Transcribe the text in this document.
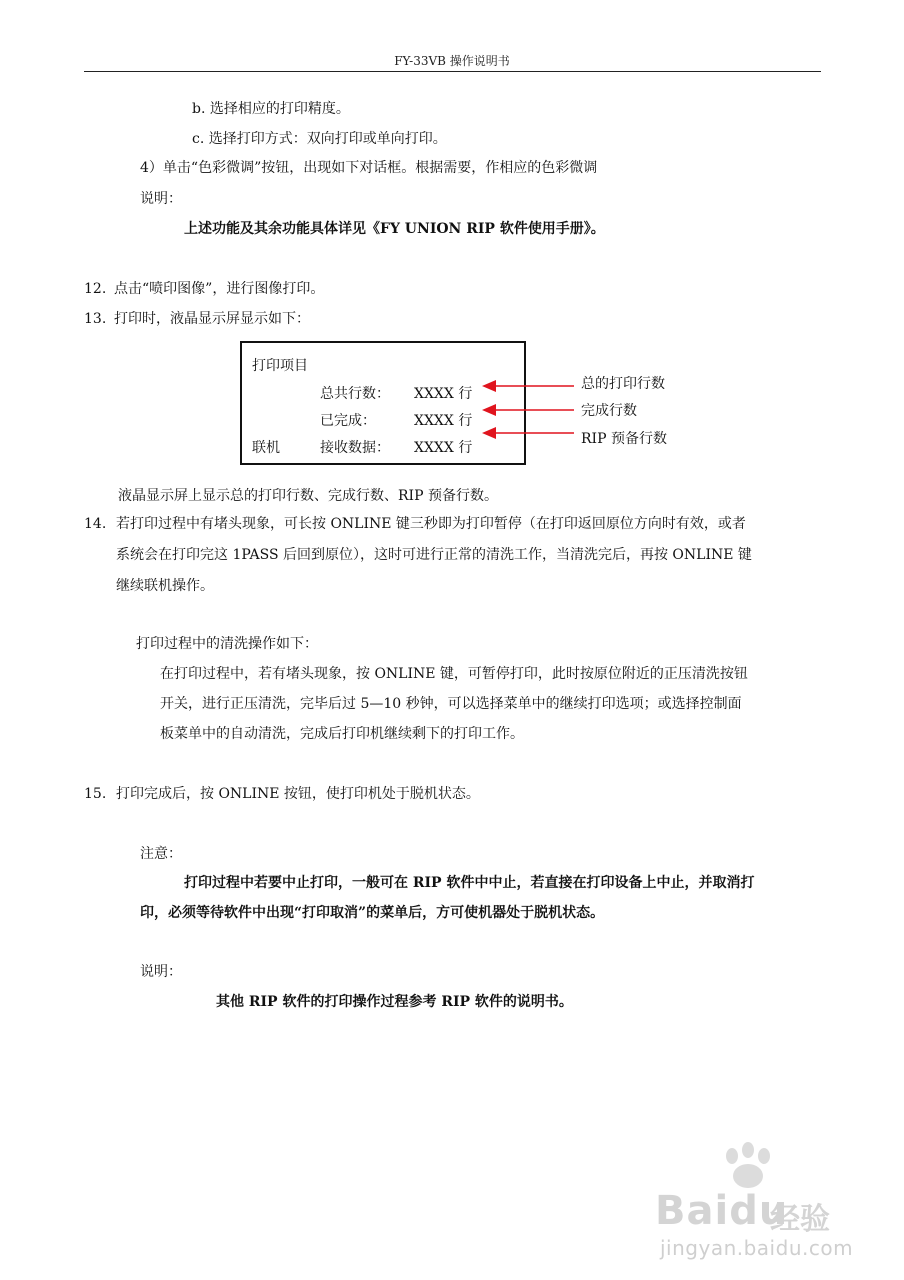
FY-33VB 操作说明书
b. 选择相应的打印精度。
c. 选择打印方式：双向打印或单向打印。
4）单击“色彩微调”按钮，出现如下对话框。根据需要，作相应的色彩微调
说明：
上述功能及其余功能具体详见《FY UNION RIP 软件使用手册》。
12. 点击“喷印图像”，进行图像打印。
13. 打印时，液晶显示屏显示如下：
打印项目
总共行数： XXXX 行
已完成：	XXXX 行
联机	接收数据： XXXX 行
总的打印行数
完成行数
RIP 预备行数
液晶显示屏上显示总的打印行数、完成行数、RIP 预备行数。
14. 若打印过程中有堵头现象，可长按 ONLINE 键三秒即为打印暂停（在打印返回原位方向时有效，或者
系统会在打印完这 1PASS 后回到原位），这时可进行正常的清洗工作，当清洗完后，再按 ONLINE 键
继续联机操作。
打印过程中的清洗操作如下：
在打印过程中，若有堵头现象，按 ONLINE 键，可暂停打印，此时按原位附近的正压清洗按钮
开关，进行正压清洗，完毕后过 5—10 秒钟，可以选择菜单中的继续打印选项；或选择控制面
板菜单中的自动清洗，完成后打印机继续剩下的打印工作。
15. 打印完成后，按 ONLINE 按钮，使打印机处于脱机状态。
注意：
打印过程中若要中止打印，一般可在 RIP 软件中中止，若直接在打印设备上中止，并取消打
印，必须等待软件中出现“打印取消”的菜单后，方可使机器处于脱机状态。
说明：
其他 RIP 软件的打印操作过程参考 RIP 软件的说明书。
Baidu
经验
jingyan.baidu.com
